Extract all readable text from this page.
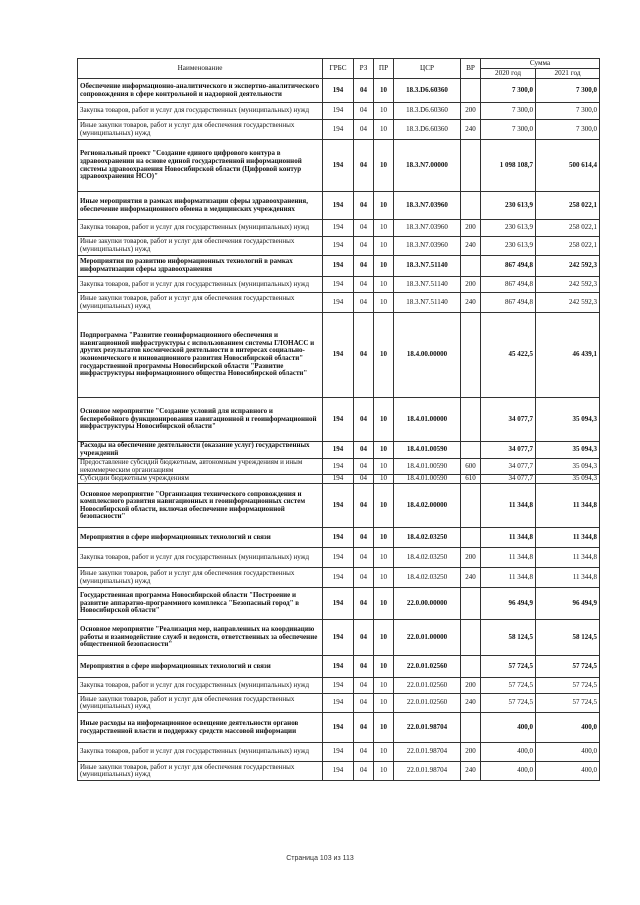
Наименование	ГРБС	РЗ	ПР	ЦСР	ВР	Сумма	
						2020 год	2021 год
Обеспечение информационно-аналитического и экспертно-аналитического сопровождения в сфере контрольной и надзорной деятельности	194	04	10	18.3.D6.60360		7 300,0	7 300,0
Закупка товаров, работ и услуг для государственных (муниципальных) нужд	194	04	10	18.3.D6.60360	200	7 300,0	7 300,0
Иные закупки товаров, работ и услуг для обеспечения государственных (муниципальных) нужд	194	04	10	18.3.D6.60360	240	7 300,0	7 300,0
Региональный проект "Создание единого цифрового контура в здравоохранении на основе единой государственной информационной системы здравоохранения Новосибирской области (Цифровой контур здравоохранения НСО)"	194	04	10	18.3.N7.00000		1 098 108,7	500 614,4
Иные мероприятия в рамках информатизации сферы здравоохранения, обеспечение информационного обмена в медицинских учреждениях	194	04	10	18.3.N7.03960		230 613,9	258 022,1
Закупка товаров, работ и услуг для государственных (муниципальных) нужд	194	04	10	18.3.N7.03960	200	230 613,9	258 022,1
Иные закупки товаров, работ и услуг для обеспечения государственных (муниципальных) нужд	194	04	10	18.3.N7.03960	240	230 613,9	258 022,1
Мероприятия по развитию информационных технологий в рамках информатизации сферы здравоохранения	194	04	10	18.3.N7.51140		867 494,8	242 592,3
Закупка товаров, работ и услуг для государственных (муниципальных) нужд	194	04	10	18.3.N7.51140	200	867 494,8	242 592,3
Иные закупки товаров, работ и услуг для обеспечения государственных (муниципальных) нужд	194	04	10	18.3.N7.51140	240	867 494,8	242 592,3
Подпрограмма "Развитие геоинформационного обеспечения и навигационной инфраструктуры с использованием системы ГЛОНАСС и других результатов космической деятельности в интересах социально-экономического и инновационного развития Новосибирской области" государственной программы Новосибирской области "Развитие инфраструктуры информационного общества Новосибирской области"	194	04	10	18.4.00.00000		45 422,5	46 439,1
Основное мероприятие "Создание условий для исправного и бесперебойного функционирования навигационной и геоинформационной инфраструктуры Новосибирской области"	194	04	10	18.4.01.00000		34 077,7	35 094,3
Расходы на обеспечение деятельности (оказание услуг) государственных учреждений	194	04	10	18.4.01.00590		34 077,7	35 094,3
Предоставление субсидий бюджетным, автономным учреждениям и иным некоммерческим организациям	194	04	10	18.4.01.00590	600	34 077,7	35 094,3
Субсидии бюджетным учреждениям	194	04	10	18.4.01.00590	610	34 077,7	35 094,3
Основное мероприятие "Организация технического сопровождения и комплексного развития навигационных и геоинформационных систем Новосибирской области, включая обеспечение информационной безопасности"	194	04	10	18.4.02.00000		11 344,8	11 344,8
Мероприятия в сфере информационных технологий и связи	194	04	10	18.4.02.03250		11 344,8	11 344,8
Закупка товаров, работ и услуг для государственных (муниципальных) нужд	194	04	10	18.4.02.03250	200	11 344,8	11 344,8
Иные закупки товаров, работ и услуг для обеспечения государственных (муниципальных) нужд	194	04	10	18.4.02.03250	240	11 344,8	11 344,8
Государственная программа Новосибирской области "Построение и развитие аппаратно-программного комплекса "Безопасный город" в Новосибирской области"	194	04	10	22.0.00.00000		96 494,9	96 494,9
Основное мероприятие "Реализация мер, направленных на координацию работы и взаимодействие служб и ведомств, ответственных за обеспечение общественной безопасности"	194	04	10	22.0.01.00000		58 124,5	58 124,5
Мероприятия в сфере информационных технологий и связи	194	04	10	22.0.01.02560		57 724,5	57 724,5
Закупка товаров, работ и услуг для государственных (муниципальных) нужд	194	04	10	22.0.01.02560	200	57 724,5	57 724,5
Иные закупки товаров, работ и услуг для обеспечения государственных (муниципальных) нужд	194	04	10	22.0.01.02560	240	57 724,5	57 724,5
Иные расходы на информационное освещение деятельности органов государственной власти и поддержку средств массовой информации	194	04	10	22.0.01.98704		400,0	400,0
Закупка товаров, работ и услуг для государственных (муниципальных) нужд	194	04	10	22.0.01.98704	200	400,0	400,0
Иные закупки товаров, работ и услуг для обеспечения государственных (муниципальных) нужд	194	04	10	22.0.01.98704	240	400,0	400,0
Страница 103 из 113
